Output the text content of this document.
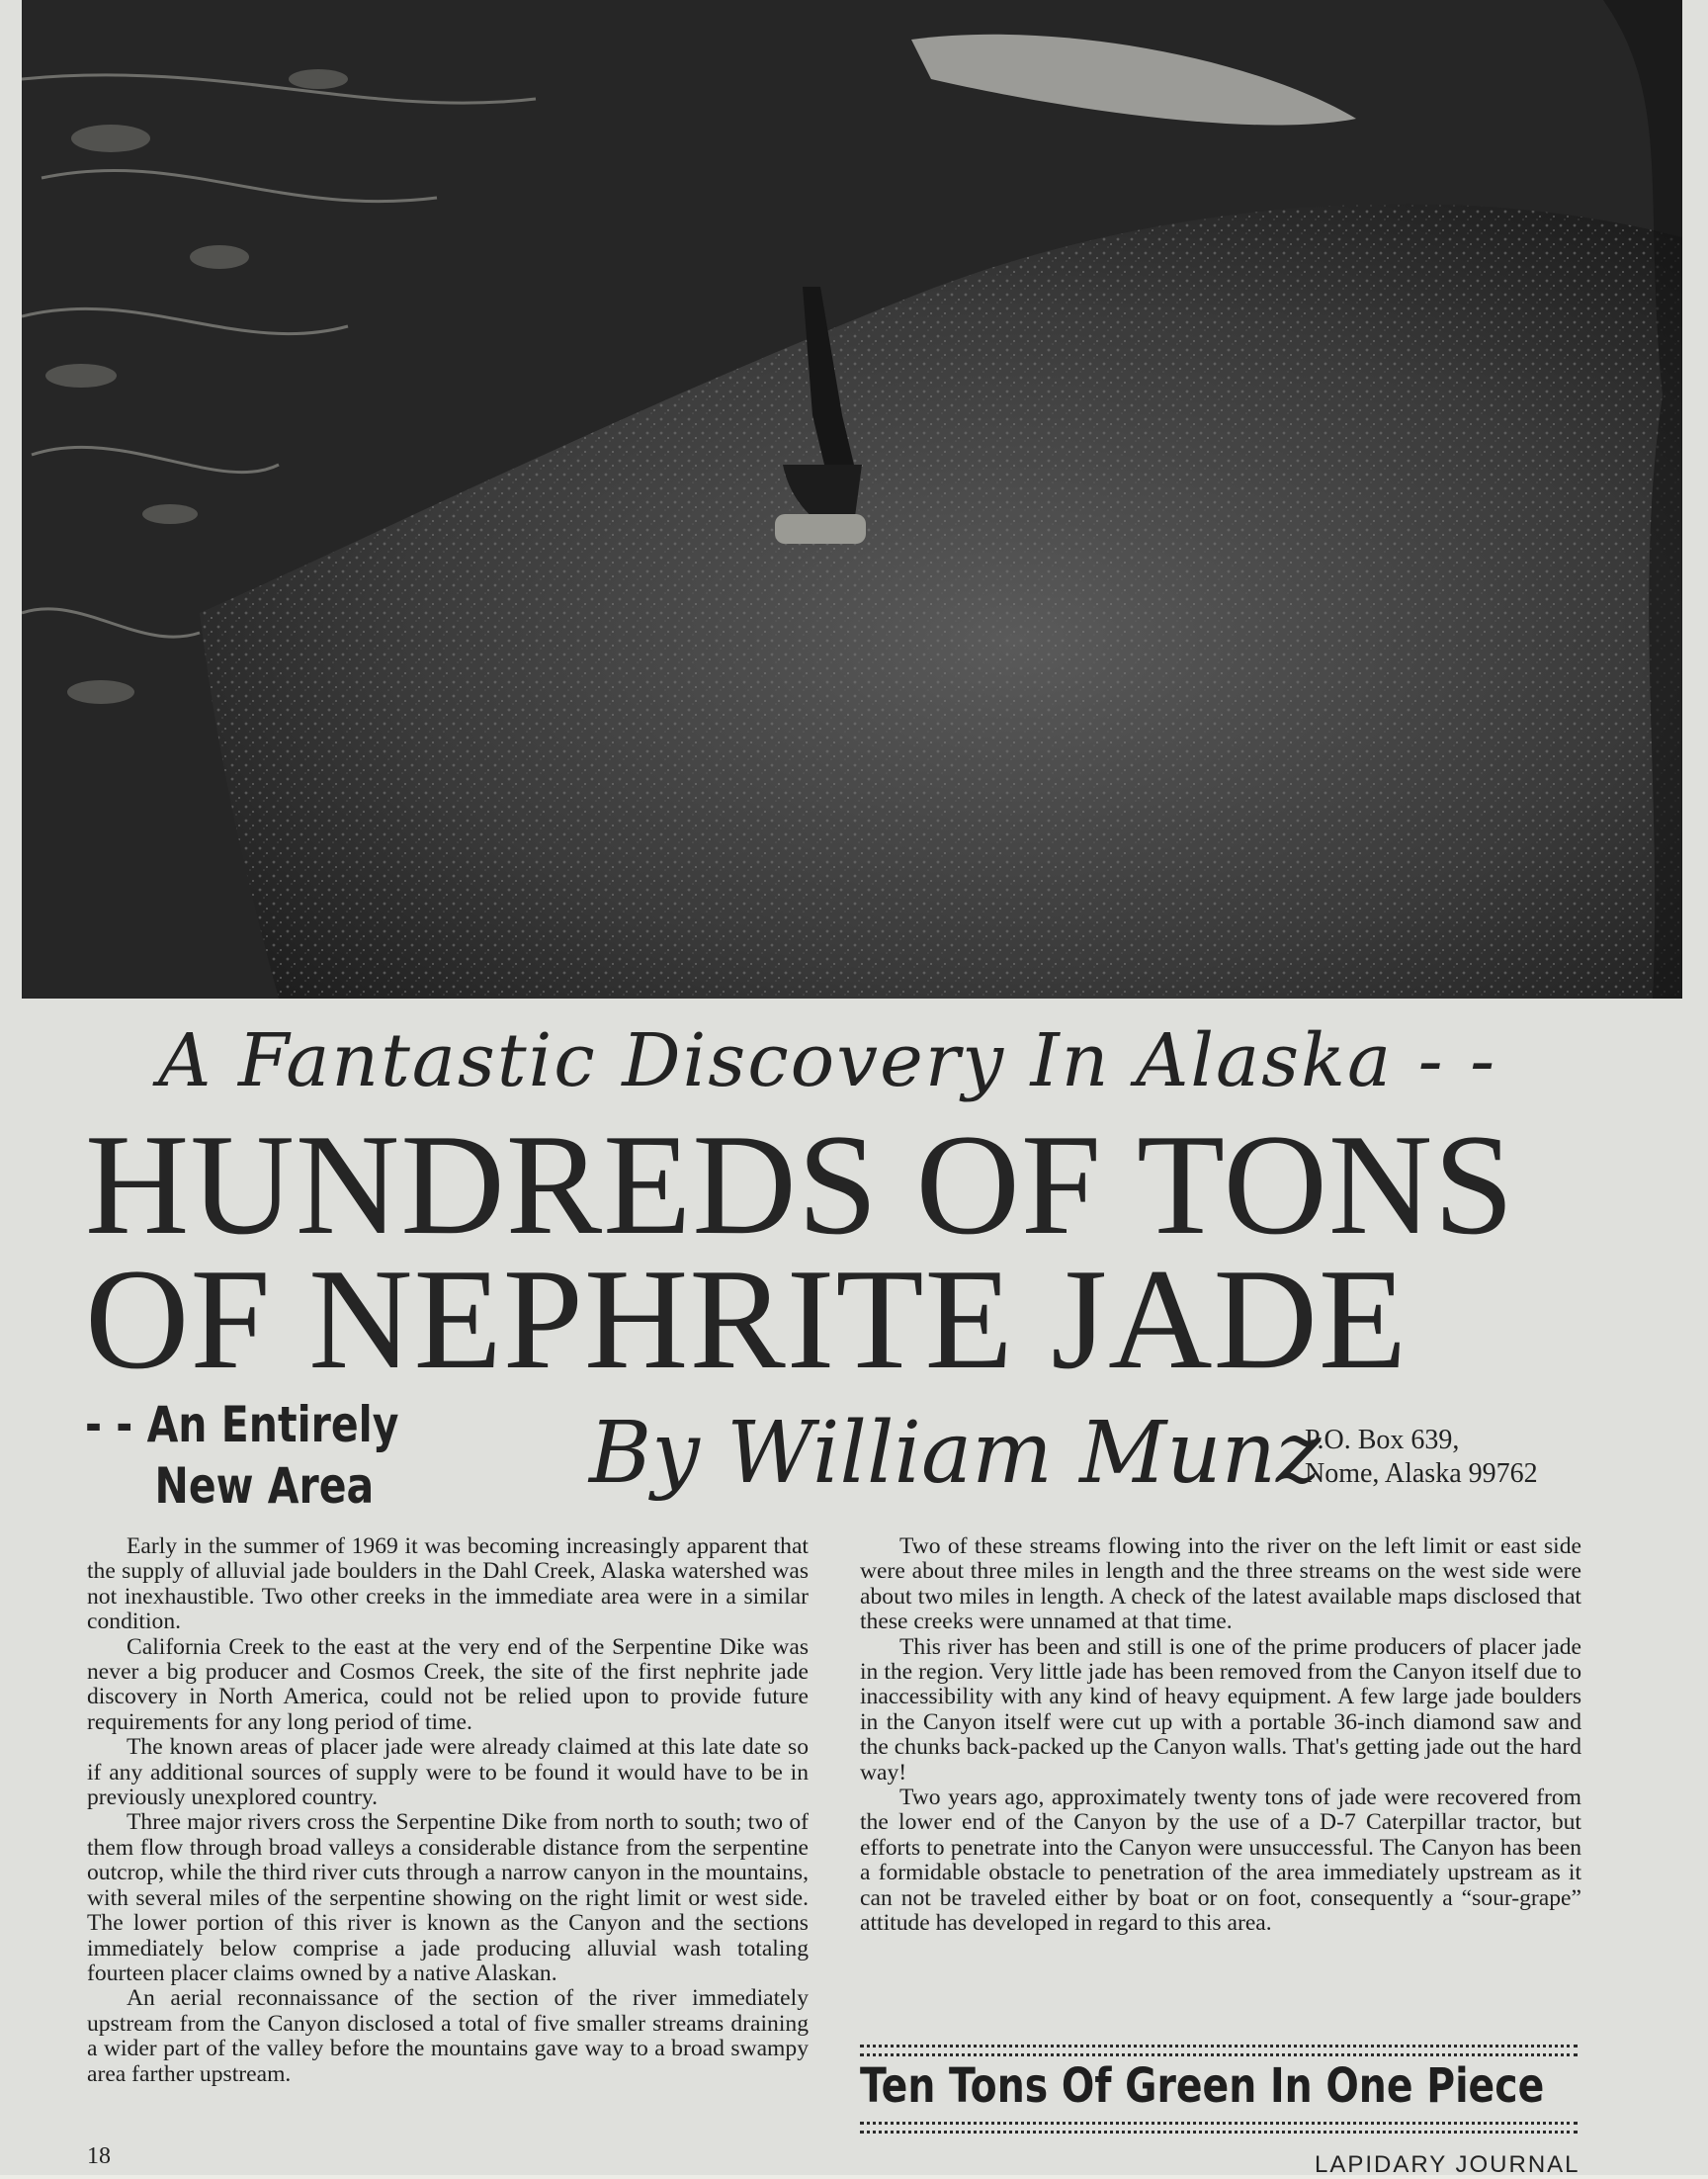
A Fantastic Discovery In Alaska - -
HUNDREDS OF TONS
OF NEPHRITE JADE
- - An Entirely
New Area	By William Munz
P.O. Box 639,
Nome, Alaska 99762

Early in the summer of 1969 it was becoming increasingly apparent that the supply of alluvial jade boulders in the Dahl Creek, Alaska watershed was not inexhaustible. Two other creeks in the immediate area were in a similar condition.

California Creek to the east at the very end of the Serpentine Dike was never a big producer and Cosmos Creek, the site of the first nephrite jade discovery in North America, could not be relied upon to provide future requirements for any long period of time.

The known areas of placer jade were already claimed at this late date so if any additional sources of supply were to be found it would have to be in previously unexplored country.

Three major rivers cross the Serpentine Dike from north to south; two of them flow through broad valleys a considerable distance from the serpentine outcrop, while the third river cuts through a narrow canyon in the mountains, with several miles of the serpentine showing on the right limit or west side. The lower portion of this river is known as the Canyon and the sections immediately below comprise a jade producing alluvial wash totaling fourteen placer claims owned by a native Alaskan.

An aerial reconnaissance of the section of the river immediately upstream from the Canyon disclosed a total of five smaller streams draining a wider part of the valley before the mountains gave way to a broad swampy area farther upstream.

Two of these streams flowing into the river on the left limit or east side were about three miles in length and the three streams on the west side were about two miles in length. A check of the latest available maps disclosed that these creeks were unnamed at that time.

This river has been and still is one of the prime producers of placer jade in the region. Very little jade has been removed from the Canyon itself due to inaccessibility with any kind of heavy equipment. A few large jade boulders in the Canyon itself were cut up with a portable 36-inch diamond saw and the chunks back-packed up the Canyon walls. That's getting jade out the hard way!

Two years ago, approximately twenty tons of jade were recovered from the lower end of the Canyon by the use of a D-7 Caterpillar tractor, but efforts to penetrate into the Canyon were unsuccessful. The Canyon has been a formidable obstacle to penetration of the area immediately upstream as it can not be traveled either by boat or on foot, consequently a “sour-grape” attitude has developed in regard to this area.

Ten Tons Of Green In One Piece
18	LAPIDARY JOURNAL
